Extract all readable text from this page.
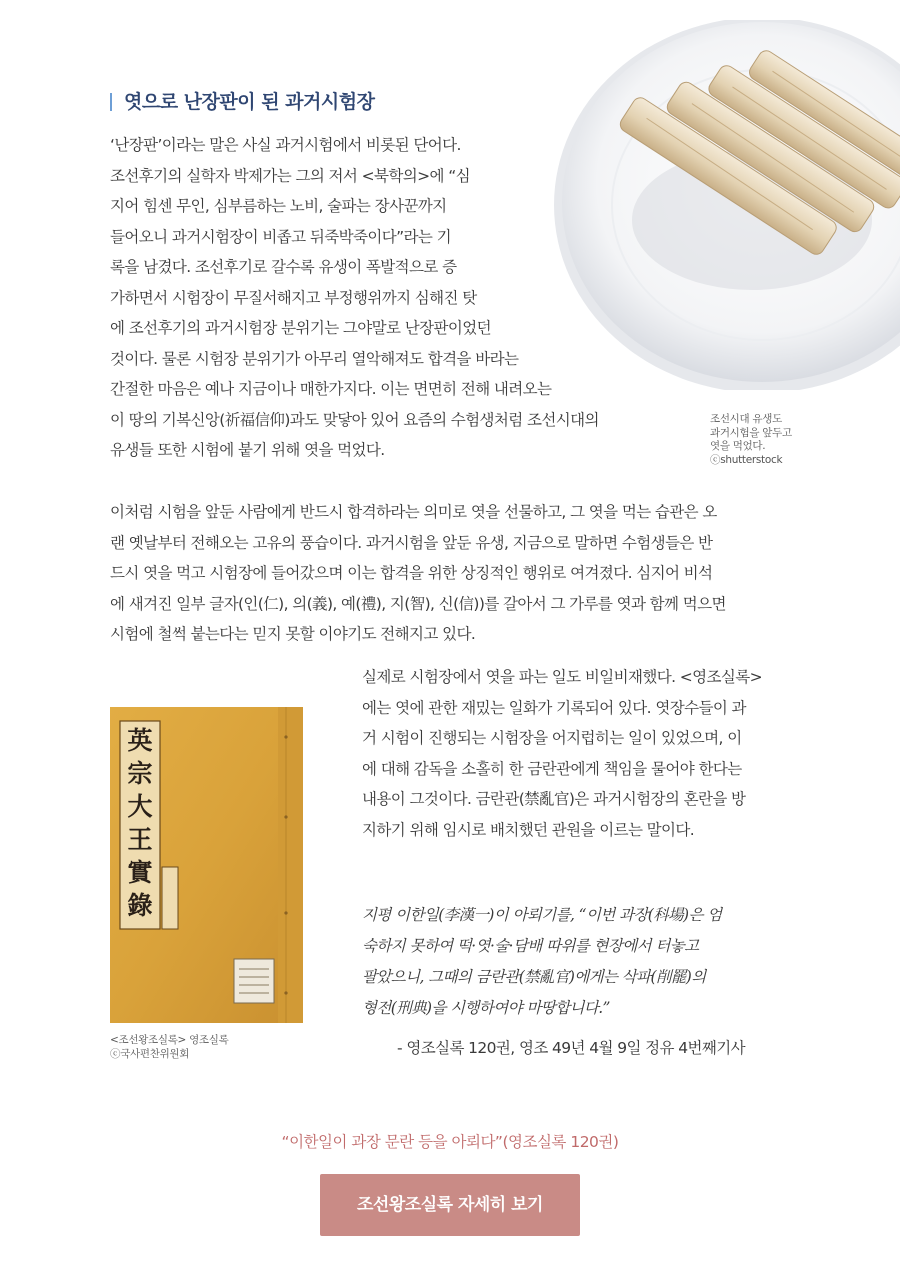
엿으로 난장판이 된 과거시험장
‘난장판’이라는 말은 사실 과거시험에서 비롯된 단어다.
조선후기의 실학자 박제가는 그의 저서 <북학의>에 “심
지어 힘센 무인, 심부름하는 노비, 술파는 장사꾼까지
들어오니 과거시험장이 비좁고 뒤죽박죽이다”라는 기
록을 남겼다. 조선후기로 갈수록 유생이 폭발적으로 증
가하면서 시험장이 무질서해지고 부정행위까지 심해진 탓
에 조선후기의 과거시험장 분위기는 그야말로 난장판이었던
것이다. 물론 시험장 분위기가 아무리 열악해져도 합격을 바라는
간절한 마음은 예나 지금이나 매한가지다. 이는 면면히 전해 내려오는
이 땅의 기복신앙(祈福信仰)과도 맞닿아 있어 요즘의 수험생처럼 조선시대의
유생들 또한 시험에 붙기 위해 엿을 먹었다.
조선시대 유생도
과거시험을 앞두고
엿을 먹었다.
ⓒshutterstock
이처럼 시험을 앞둔 사람에게 반드시 합격하라는 의미로 엿을 선물하고, 그 엿을 먹는 습관은 오
랜 옛날부터 전해오는 고유의 풍습이다. 과거시험을 앞둔 유생, 지금으로 말하면 수험생들은 반
드시 엿을 먹고 시험장에 들어갔으며 이는 합격을 위한 상징적인 행위로 여겨졌다. 심지어 비석
에 새겨진 일부 글자(인(仁), 의(義), 예(禮), 지(智), 신(信))를 갈아서 그 가루를 엿과 함께 먹으면
시험에 철썩 붙는다는 믿지 못할 이야기도 전해지고 있다.
英宗大王實錄
<조선왕조실록> 영조실록
ⓒ국사편찬위원회
실제로 시험장에서 엿을 파는 일도 비일비재했다. <영조실록>
에는 엿에 관한 재밌는 일화가 기록되어 있다. 엿장수들이 과
거 시험이 진행되는 시험장을 어지럽히는 일이 있었으며, 이
에 대해 감독을 소홀히 한 금란관에게 책임을 물어야 한다는
내용이 그것이다. 금란관(禁亂官)은 과거시험장의 혼란을 방
지하기 위해 임시로 배치했던 관원을 이르는 말이다.
지평 이한일(李漢一)이 아뢰기를, “이번 과장(科場)은 엄
숙하지 못하여 떡·엿·술·담배 따위를 현장에서 터놓고
팔았으니, 그때의 금란관(禁亂官)에게는 삭파(削罷)의
형전(刑典)을 시행하여야 마땅합니다.”
- 영조실록 120권, 영조 49년 4월 9일 정유 4번째기사
“이한일이 과장 문란 등을 아뢰다”(영조실록 120권)
조선왕조실록 자세히 보기
